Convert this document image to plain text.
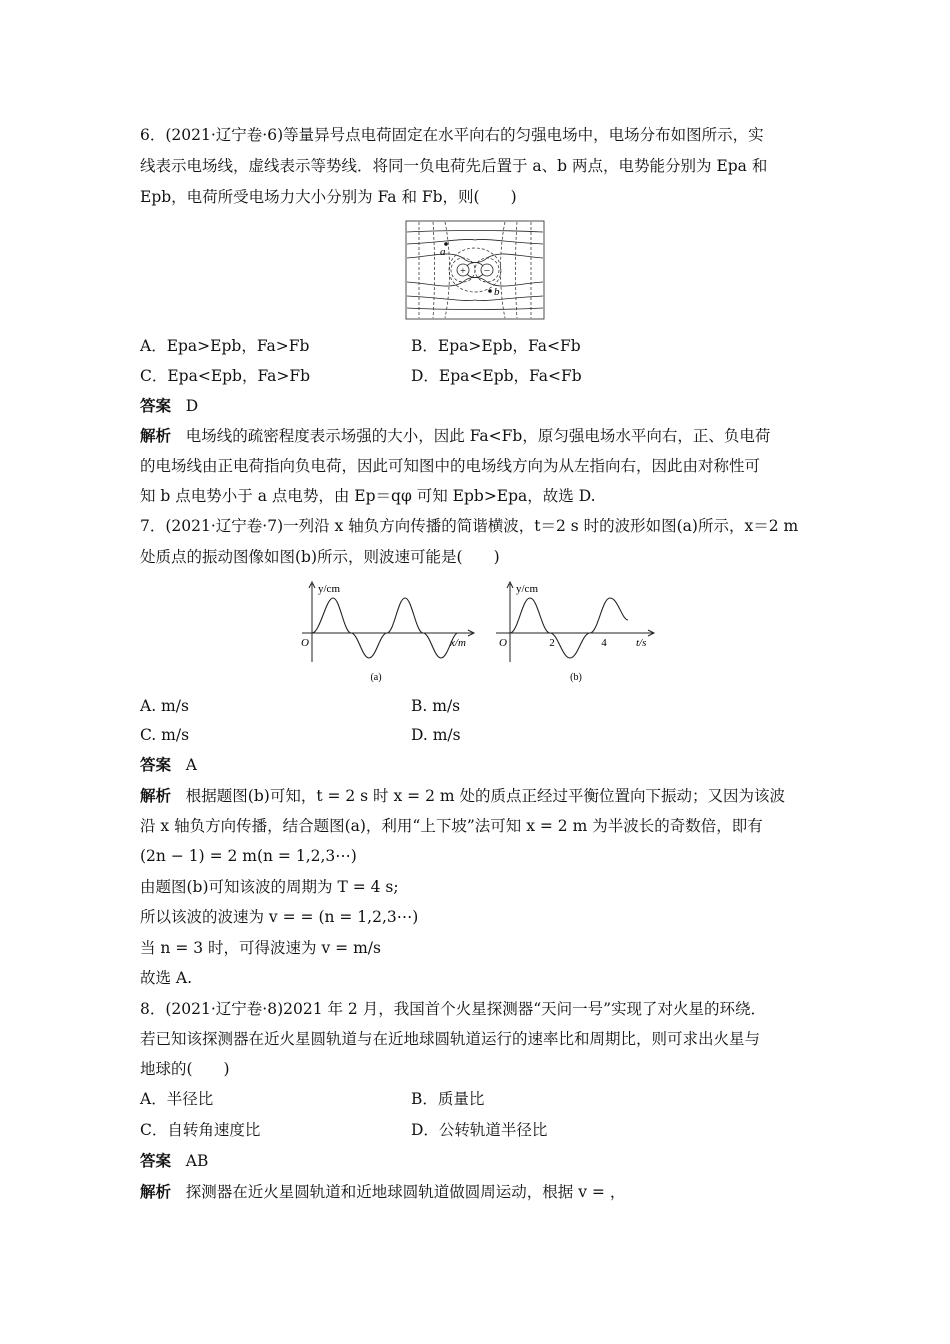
6．(2021·辽宁卷·6)等量异号点电荷固定在水平向右的匀强电场中，电场分布如图所示，实
线表示电场线，虚线表示等势线．将同一负电荷先后置于 a、b 两点，电势能分别为 Epa 和
Epb，电荷所受电场力大小分别为 Fa 和 Fb，则(　　)
+ −
a
b
A．Epa>Epb，Fa>Fb	B．Epa>Epb，Fa<Fb
C．Epa<Epb，Fa>Fb	D．Epa<Epb，Fa<Fb
答案 D
解析 电场线的疏密程度表示场强的大小，因此 Fa<Fb，原匀强电场水平向右，正、负电荷
的电场线由正电荷指向负电荷，因此可知图中的电场线方向为从左指向右，因此由对称性可
知 b 点电势小于 a 点电势，由 Ep＝qφ 可知 Epb>Epa，故选 D.
7．(2021·辽宁卷·7)一列沿 x 轴负方向传播的简谐横波，t＝2 s 时的波形如图(a)所示，x＝2 m
处质点的振动图像如图(b)所示，则波速可能是(　　)
y/cm
x/m
O
(a)
y/cm
t/s
O	2	4
(b)
A. m/s	B. m/s
C. m/s	D. m/s
答案 A
解析 根据题图(b)可知，t = 2 s 时 x = 2 m 处的质点正经过平衡位置向下振动；又因为该波
沿 x 轴负方向传播，结合题图(a)，利用“上下坡”法可知 x = 2 m 为半波长的奇数倍，即有
(2n − 1) = 2 m(n = 1,2,3⋯)
由题图(b)可知该波的周期为 T = 4 s;
所以该波的波速为 v = = (n = 1,2,3⋯)
当 n = 3 时，可得波速为 v = m/s
故选 A.
8．(2021·辽宁卷·8)2021 年 2 月，我国首个火星探测器“天问一号”实现了对火星的环绕．
若已知该探测器在近火星圆轨道与在近地球圆轨道运行的速率比和周期比，则可求出火星与
地球的(　　)
A．半径比	B．质量比
C．自转角速度比	D．公转轨道半径比
答案 AB
解析 探测器在近火星圆轨道和近地球圆轨道做圆周运动，根据 v = ，
